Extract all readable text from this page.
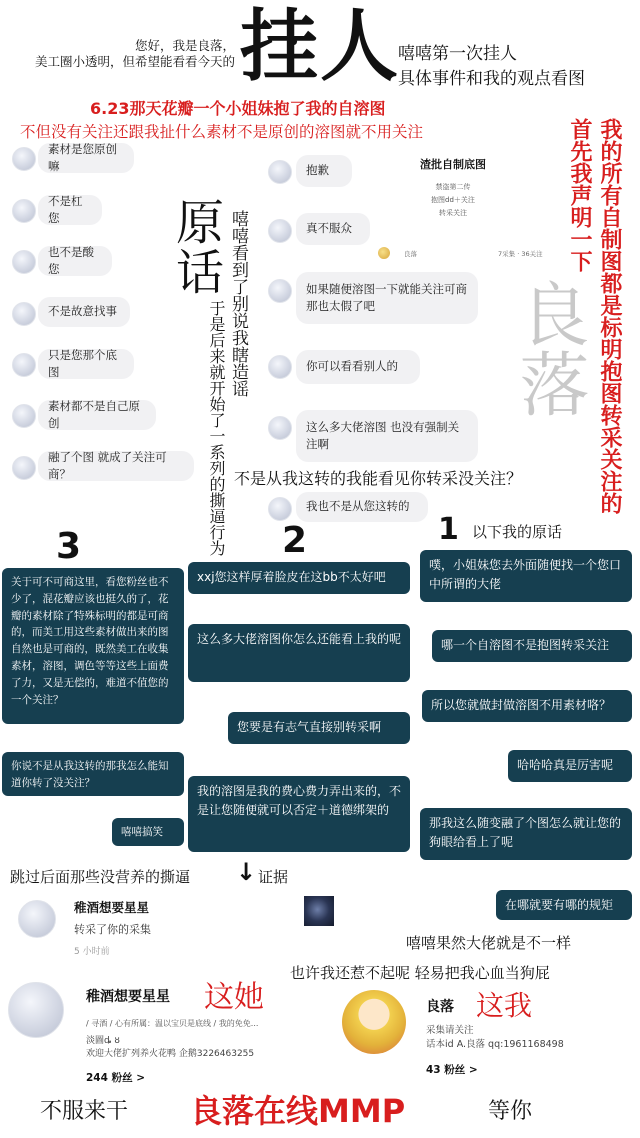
您好，我是良落，
美工圈小透明，但希望能看看今天的 挂人
嘻嘻第一次挂人
具体事件和我的观点看图
6.23那天花瓣一个小姐妹抱了我的自溶图
不但没有关注还跟我扯什么素材不是原创的溶图就不用关注
素材是您原创嘛
不是杠您
也不是酸您
不是故意找事
只是您那个底图
素材都不是自己原创
融了个图 就成了关注可商？
原话 嘻嘻看到了别说我瞎造谣
于是后来就开始了一系列的撕逼行为
抱歉
真不服众
如果随便溶图一下就能关注可商 那也太假了吧
你可以看看别人的
这么多大佬溶图 也没有强制关注啊
我也不是从您这转的
渣批自制底图
禁盗第二传
抱图dd＋关注
转采关注
良落	7采集 · 36关注 我的所有自制图都是标明抱图转采关注的
首先我声明一下
良落
不是从我这转的我能看见你转采没关注？
3	2	1 以下我的原话
噗，小姐妹您去外面随便找一个您口中所谓的大佬
哪一个自溶图不是抱图转采关注
所以您就做封做溶图不用素材咯？
哈哈哈真是厉害呢
那我这么随变融了个图怎么就让您的狗眼给看上了呢
在哪就要有哪的规矩
xxj您这样厚着脸皮在这bb不太好吧
这么多大佬溶图你怎么还能看上我的呢
您要是有志气直接别转采啊
我的溶图是我的费心费力弄出来的，不是让您随便就可以否定＋道德绑架的
关于可不可商这里，看您粉丝也不少了，混花瓣应该也挺久的了，花瓣的素材除了特殊标明的都是可商的，而美工用这些素材做出来的图自然也是可商的，既然美工在收集素材，溶图，调色等等这些上面费了力，又是无偿的，难道不值您的一个关注？
你说不是从我这转的那我怎么能知道你转了没关注？
嘻嘻搞笑
跳过后面那些没营养的撕逼 ↓ 证据
稚酒想要星星
转采了你的采集
5 小时前	嘻嘻果然大佬就是不一样
也许我还惹不起呢 轻易把我心血当狗屁
稚酒想要星星 这她
/ 寻酒 / 心有所属：温以宝贝是底线 / 我的免免...
淡圖ȡ ȣ
欢迎大佬扩列养火花鸭 企鹅3226463255
244 粉丝 >
良落 这我
采集请关注
话本id A.良落 qq:1961168498
43 粉丝 >
不服来干 良落在线MMP	等你
